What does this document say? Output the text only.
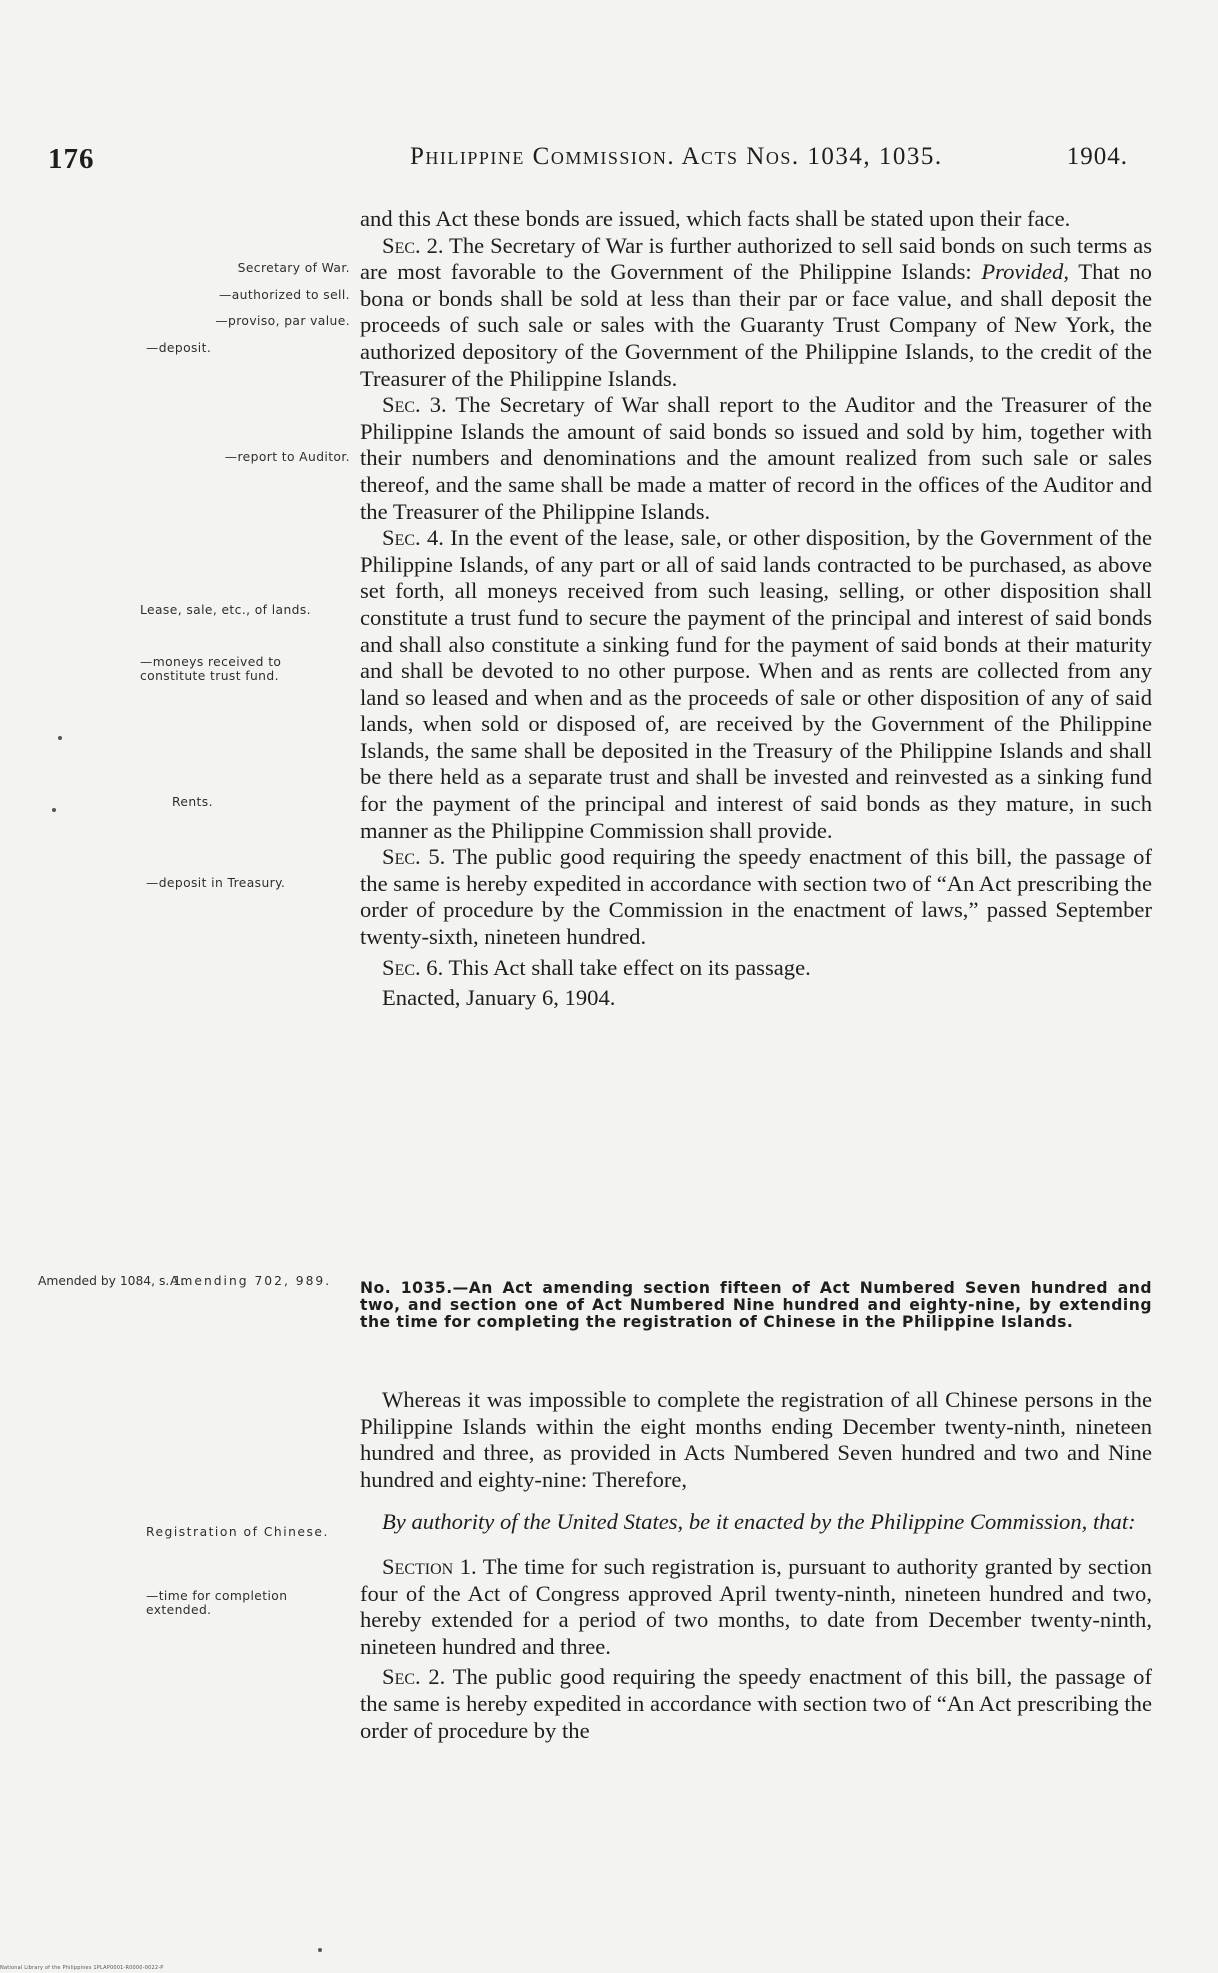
176	Philippine Commission. Acts Nos. 1034, 1035.	1904.
Secretary of War.
—authorized to sell.
—proviso, par value.
—deposit.
—report to Auditor.
Lease, sale, etc., of lands.
—moneys received to constitute trust fund.
Rents.
—deposit in Treasury.
Amended by 1084, s. 1.
Amending 702, 989.
Registration of Chinese.
—time for completion extended.

and this Act these bonds are issued, which facts shall be stated upon their face.

Sec. 2. The Secretary of War is further authorized to sell said bonds on such terms as are most favorable to the Government of the Philippine Islands: Provided, That no bona or bonds shall be sold at less than their par or face value, and shall deposit the proceeds of such sale or sales with the Guaranty Trust Company of New York, the authorized depository of the Government of the Philippine Islands, to the credit of the Treasurer of the Philippine Islands.

Sec. 3. The Secretary of War shall report to the Auditor and the Treasurer of the Philippine Islands the amount of said bonds so issued and sold by him, together with their numbers and denominations and the amount realized from such sale or sales thereof, and the same shall be made a matter of record in the offices of the Auditor and the Treasurer of the Philippine Islands.

Sec. 4. In the event of the lease, sale, or other disposition, by the Government of the Philippine Islands, of any part or all of said lands contracted to be purchased, as above set forth, all moneys received from such leasing, selling, or other disposition shall constitute a trust fund to secure the payment of the principal and interest of said bonds and shall also constitute a sinking fund for the payment of said bonds at their maturity and shall be devoted to no other purpose. When and as rents are collected from any land so leased and when and as the proceeds of sale or other disposition of any of said lands, when sold or disposed of, are received by the Government of the Philippine Islands, the same shall be deposited in the Treasury of the Philippine Islands and shall be there held as a separate trust and shall be invested and reinvested as a sinking fund for the payment of the principal and interest of said bonds as they mature, in such manner as the Philippine Commission shall provide.

Sec. 5. The public good requiring the speedy enactment of this bill, the passage of the same is hereby expedited in accordance with section two of “An Act prescribing the order of procedure by the Commission in the enactment of laws,” passed September twenty-sixth, nineteen hundred.

Sec. 6. This Act shall take effect on its passage.

Enacted, January 6, 1904.

No. 1035.—An Act amending section fifteen of Act Numbered Seven hundred and two, and section one of Act Numbered Nine hundred and eighty-nine, by extending the time for completing the registration of Chinese in the Philippine Islands.

Whereas it was impossible to complete the registration of all Chinese persons in the Philippine Islands within the eight months ending December twenty-ninth, nineteen hundred and three, as provided in Acts Numbered Seven hundred and two and Nine hundred and eighty-nine: Therefore,

By authority of the United States, be it enacted by the Philippine Commission, that:

Section 1. The time for such registration is, pursuant to authority granted by section four of the Act of Congress approved April twenty-ninth, nineteen hundred and two, hereby extended for a period of two months, to date from December twenty-ninth, nineteen hundred and three.

Sec. 2. The public good requiring the speedy enactment of this bill, the passage of the same is hereby expedited in accordance with section two of “An Act prescribing the order of procedure by the

National Library of the Philippines 1PLAP0001-R0000-0022-P
